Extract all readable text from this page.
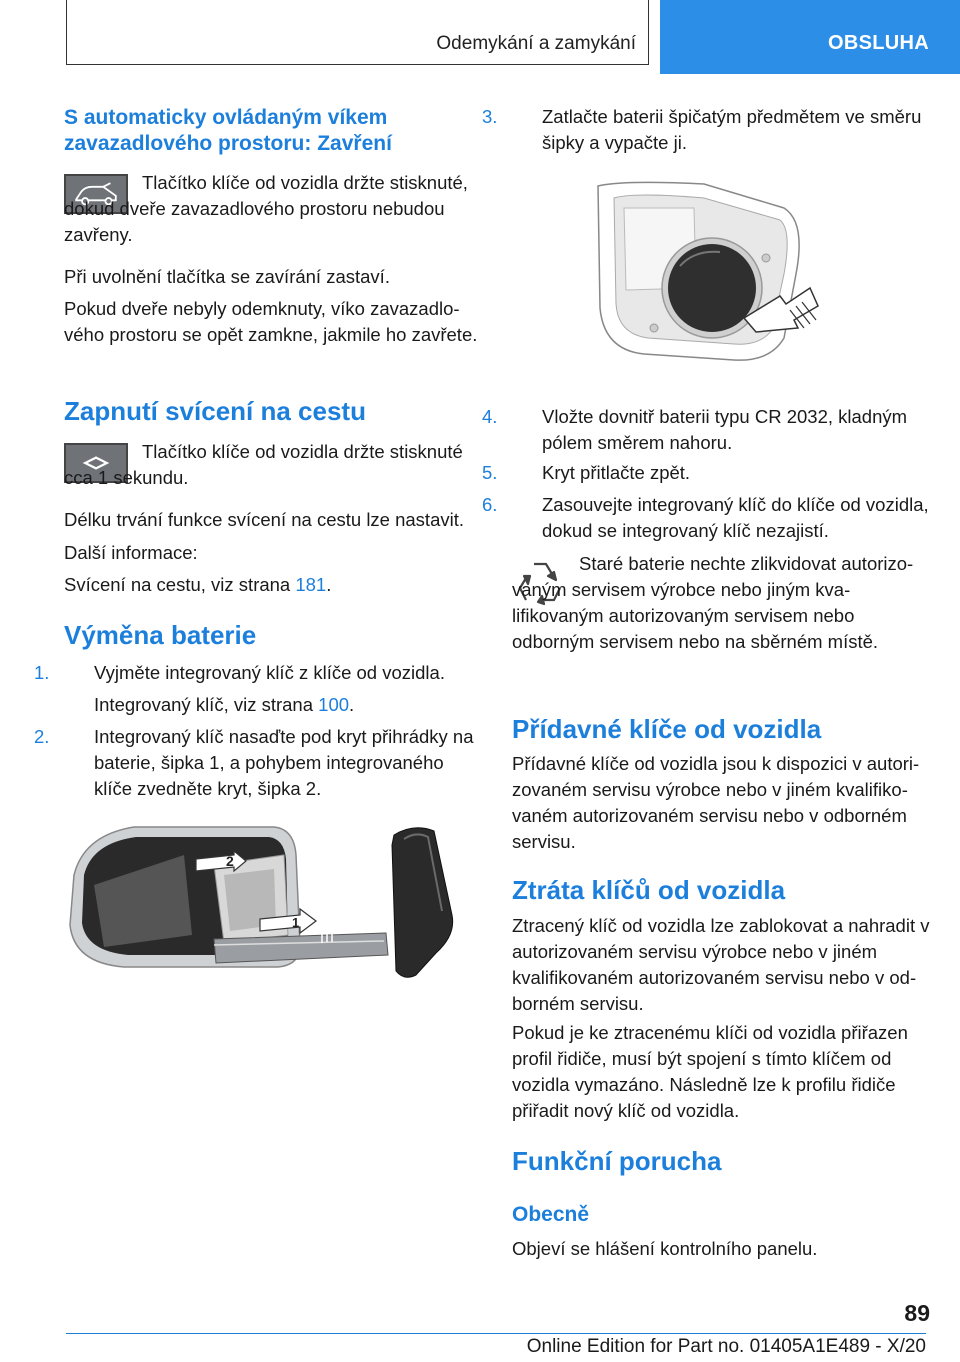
Odemykání a zamykání	OBSLUHA
S automaticky ovládaným víkem zavazadlového prostoru: Zavření
Tlačítko klíče od vozidla držte stisknuté, dokud dveře zavazadlového prostoru nebudou zavřeny.
Při uvolnění tlačítka se zavírání zastaví.
Pokud dveře nebyly odemknuty, víko zavazadlového prostoru se opět zamkne, jakmile ho zavřete.
Zapnutí svícení na cestu
Tlačítko klíče od vozidla držte stisknuté cca 1 sekundu.
Délku trvání funkce svícení na cestu lze nastavit.
Další informace:
Svícení na cestu, viz strana 181.
Výměna baterie
1. Vyjměte integrovaný klíč z klíče od vozidla.
Integrovaný klíč, viz strana 100.
2. Integrovaný klíč nasaďte pod kryt přihrádky na baterie, šipka 1, a pohybem integrovaného klíče zvedněte kryt, šipka 2.
2
1
3. Zatlačte baterii špičatým předmětem ve směru šipky a vypačte ji.
4. Vložte dovnitř baterii typu CR 2032, kladným pólem směrem nahoru.
5. Kryt přitlačte zpět.
6. Zasouvejte integrovaný klíč do klíče od vozidla, dokud se integrovaný klíč nezajistí.
Staré baterie nechte zlikvidovat autorizovaným servisem výrobce nebo jiným kvalifikovaným autorizovaným servisem nebo odborným servisem nebo na sběrném místě.
Přídavné klíče od vozidla
Přídavné klíče od vozidla jsou k dispozici v autorizovaném servisu výrobce nebo v jiném kvalifikovaném autorizovaném servisu nebo v odborném servisu.
Ztráta klíčů od vozidla
Ztracený klíč od vozidla lze zablokovat a nahradit v autorizovaném servisu výrobce nebo v jiném kvalifikovaném autorizovaném servisu nebo v odborném servisu.
Pokud je ke ztracenému klíči od vozidla přiřazen profil řidiče, musí být spojení s tímto klíčem od vozidla vymazáno. Následně lze k profilu řidiče přiřadit nový klíč od vozidla.
Funkční porucha
Obecně
Objeví se hlášení kontrolního panelu.
89
Online Edition for Part no. 01405A1E489 - X/20
